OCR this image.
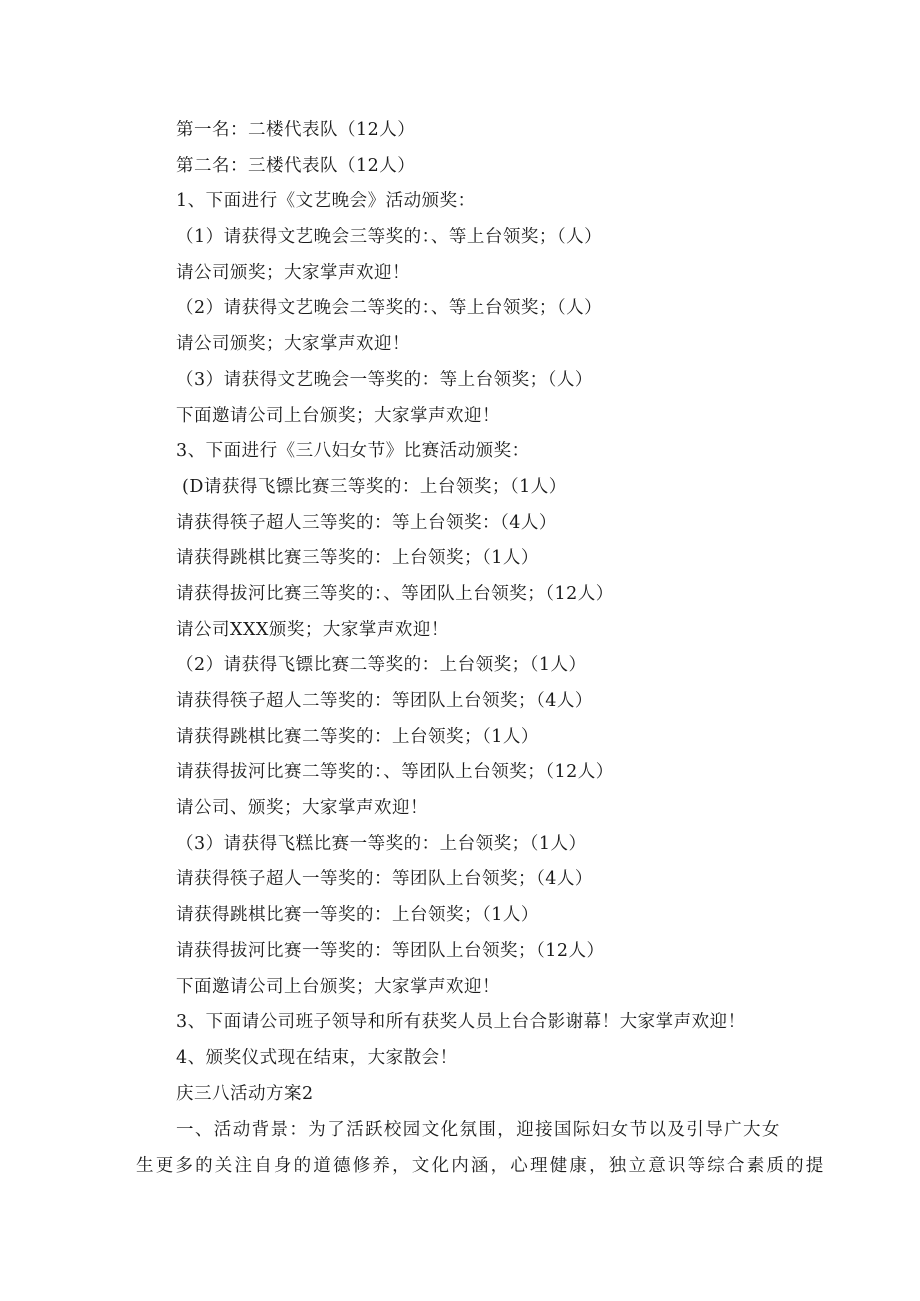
第一名：二楼代表队（12人）
第二名：三楼代表队（12人）
1、下面进行《文艺晚会》活动颁奖：
（1）请获得文艺晚会三等奖的：、等上台领奖；（人）
请公司颁奖；大家掌声欢迎！
（2）请获得文艺晚会二等奖的：、等上台领奖；（人）
请公司颁奖；大家掌声欢迎！
（3）请获得文艺晚会一等奖的：等上台领奖；（人）
下面邀请公司上台颁奖；大家掌声欢迎！
3、下面进行《三八妇女节》比赛活动颁奖：
(D请获得飞镖比赛三等奖的：上台领奖；（1人）
请获得筷子超人三等奖的：等上台领奖：（4人）
请获得跳棋比赛三等奖的：上台领奖；（1人）
请获得拔河比赛三等奖的：、等团队上台领奖；（12人）
请公司XXX颁奖；大家掌声欢迎！
（2）请获得飞镖比赛二等奖的：上台领奖；（1人）
请获得筷子超人二等奖的：等团队上台领奖；（4人）
请获得跳棋比赛二等奖的：上台领奖；（1人）
请获得拔河比赛二等奖的：、等团队上台领奖；（12人）
请公司、颁奖；大家掌声欢迎！
（3）请获得飞糕比赛一等奖的：上台领奖；（1人）
请获得筷子超人一等奖的：等团队上台领奖；（4人）
请获得跳棋比赛一等奖的：上台领奖；（1人）
请获得拔河比赛一等奖的：等团队上台领奖；（12人）
下面邀请公司上台颁奖；大家掌声欢迎！
3、下面请公司班子领导和所有获奖人员上台合影谢幕！大家掌声欢迎！
4、颁奖仪式现在结束，大家散会！
庆三八活动方案2
一、活动背景：为了活跃校园文化氛围，迎接国际妇女节以及引导广大女
生更多的关注自身的道德修养，文化内涵，心理健康，独立意识等综合素质的提
